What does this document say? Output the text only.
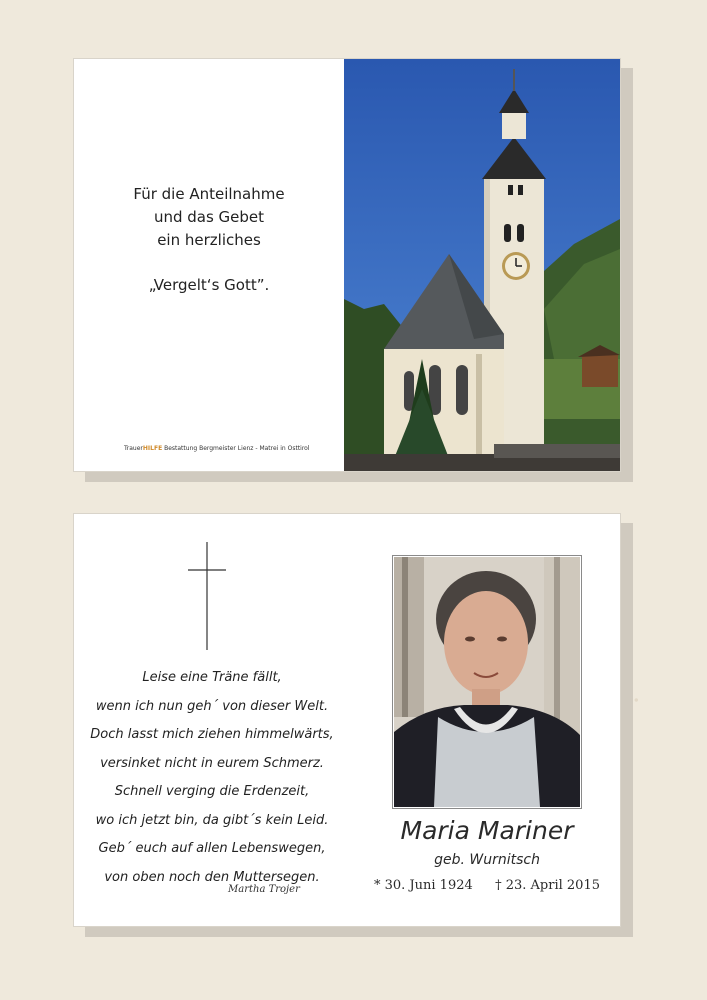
Für die Anteilnahme
und das Gebet
ein herzliches
„Vergelt‘s Gott”.
TrauerHILFE Bestattung Bergmeister Lienz - Matrei in Osttirol
Leise eine Träne fällt,
wenn ich nun geh´ von dieser Welt.
Doch lasst mich ziehen himmelwärts,
versinket nicht in eurem Schmerz.
Schnell verging die Erdenzeit,
wo ich jetzt bin, da gibt´s kein Leid.
Geb´ euch auf allen Lebenswegen,
von oben noch den Muttersegen.
Martha Trojer
Maria Mariner
geb. Wurnitsch
* 30. Juni 1924 † 23. April 2015
